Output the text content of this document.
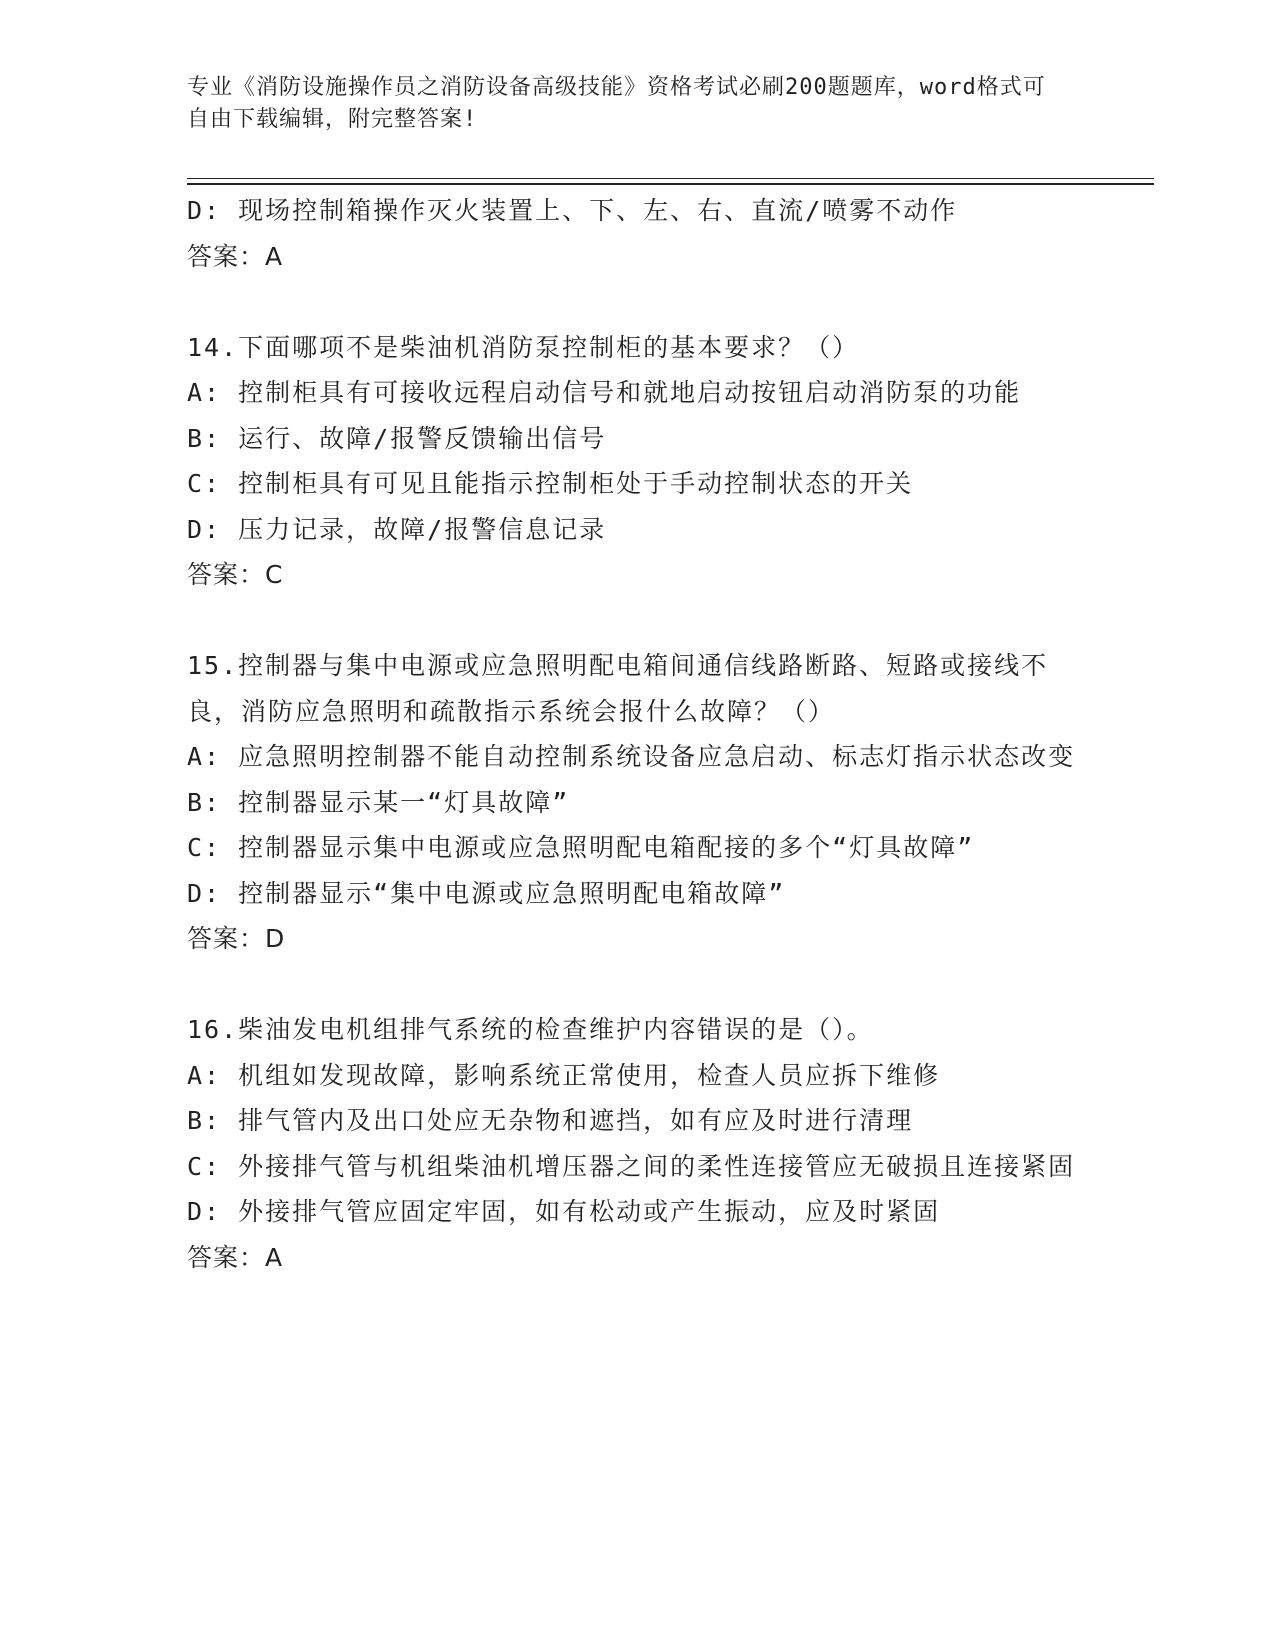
专业《消防设施操作员之消防设备高级技能》资格考试必刷200题题库，word格式可自由下载编辑，附完整答案!
D: 现场控制箱操作灭火装置上、下、左、右、直流/喷雾不动作
答案：A
14.下面哪项不是柴油机消防泵控制柜的基本要求？（）
A: 控制柜具有可接收远程启动信号和就地启动按钮启动消防泵的功能
B: 运行、故障/报警反馈输出信号
C: 控制柜具有可见且能指示控制柜处于手动控制状态的开关
D: 压力记录，故障/报警信息记录
答案：C
15.控制器与集中电源或应急照明配电箱间通信线路断路、短路或接线不良，消防应急照明和疏散指示系统会报什么故障？（）
A: 应急照明控制器不能自动控制系统设备应急启动、标志灯指示状态改变
B: 控制器显示某一“灯具故障”
C: 控制器显示集中电源或应急照明配电箱配接的多个“灯具故障”
D: 控制器显示“集中电源或应急照明配电箱故障”
答案：D
16.柴油发电机组排气系统的检查维护内容错误的是（）。
A: 机组如发现故障，影响系统正常使用，检查人员应拆下维修
B: 排气管内及出口处应无杂物和遮挡，如有应及时进行清理
C: 外接排气管与机组柴油机增压器之间的柔性连接管应无破损且连接紧固
D: 外接排气管应固定牢固，如有松动或产生振动，应及时紧固
答案：A
